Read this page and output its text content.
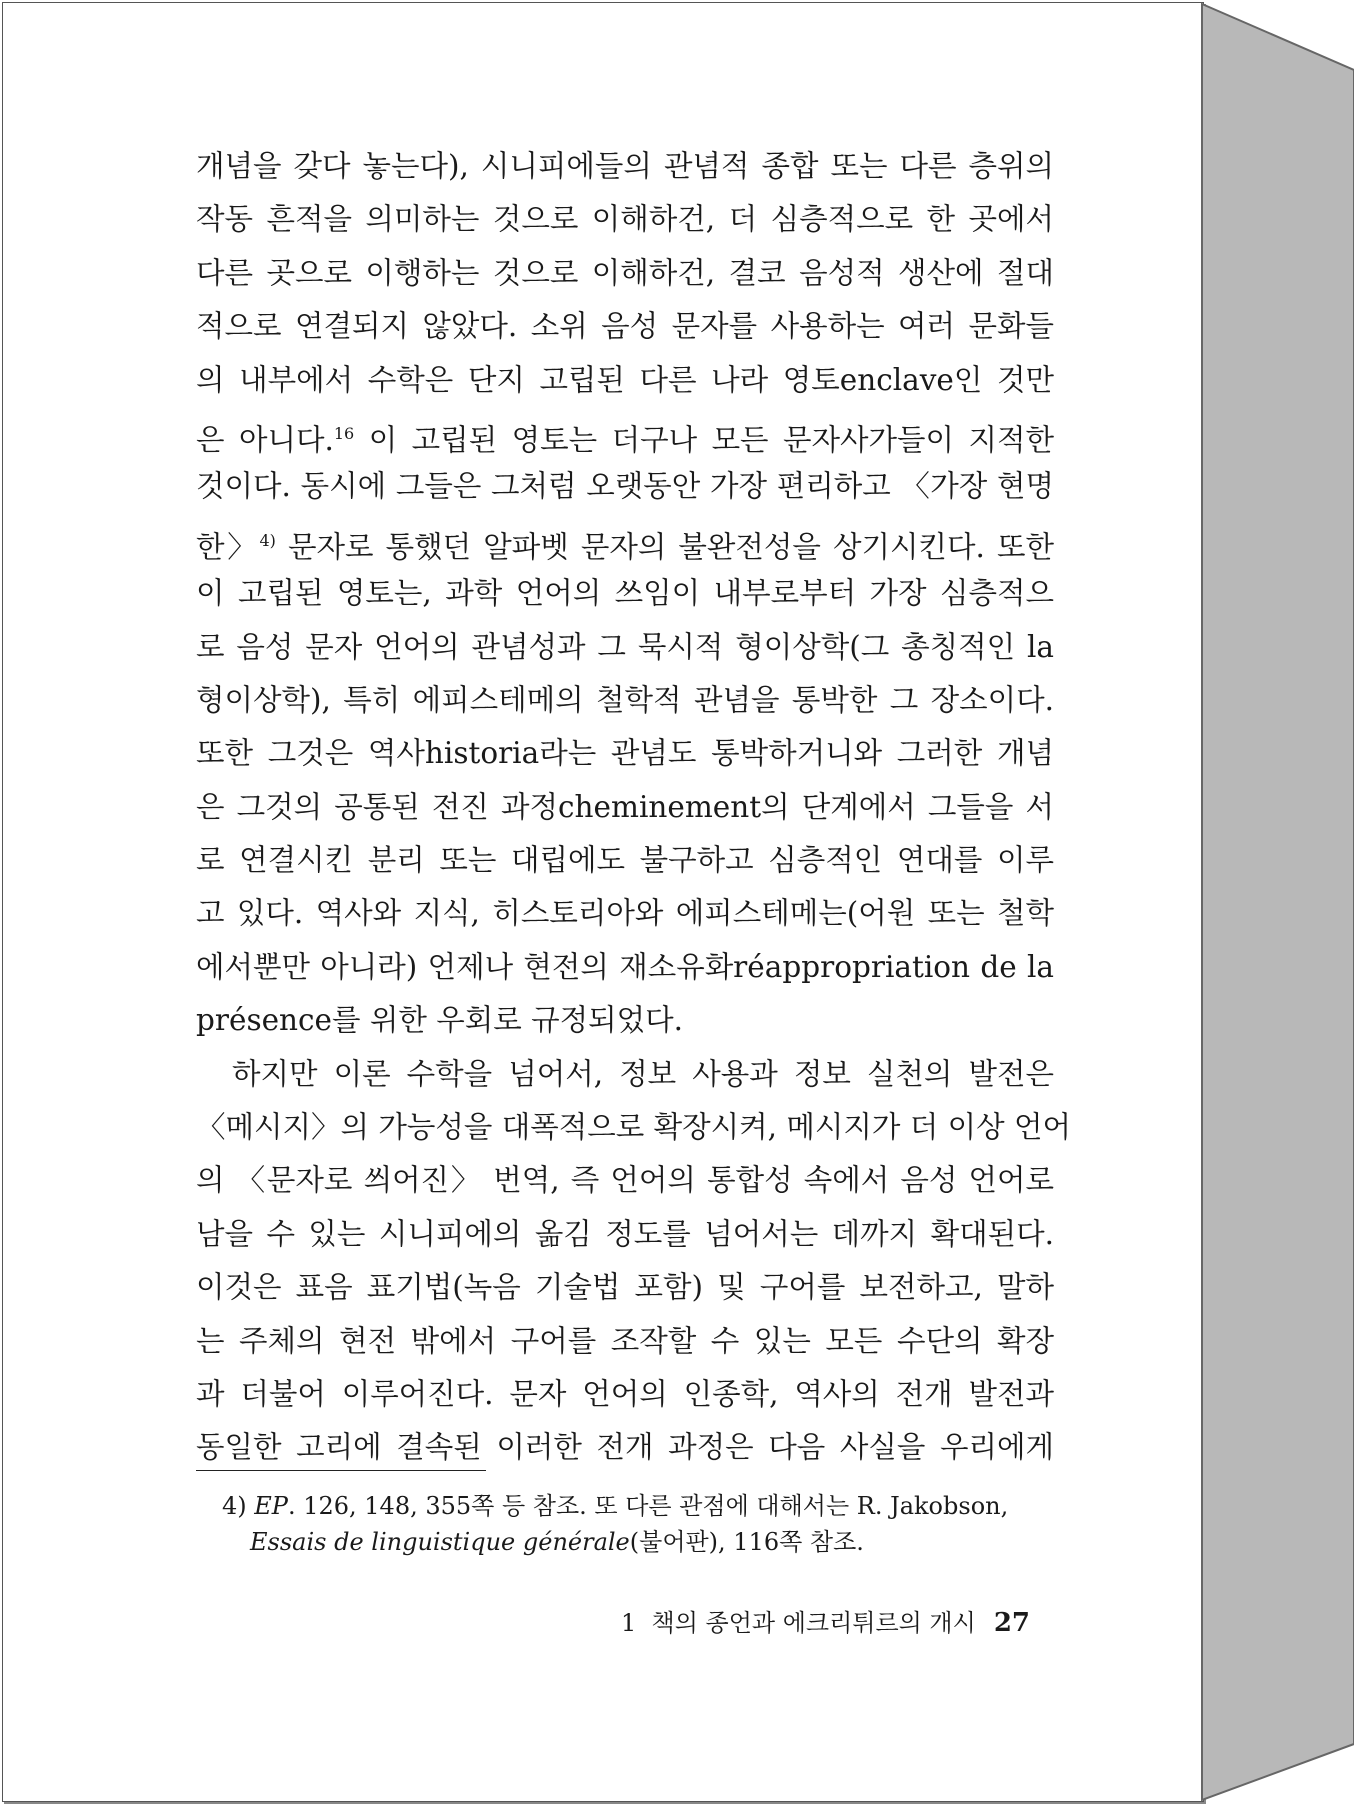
개념을 갖다 놓는다), 시니피에들의 관념적 종합 또는 다른 층위의
작동 흔적을 의미하는 것으로 이해하건, 더 심층적으로 한 곳에서
다른 곳으로 이행하는 것으로 이해하건, 결코 음성적 생산에 절대
적으로 연결되지 않았다. 소위 음성 문자를 사용하는 여러 문화들
의 내부에서 수학은 단지 고립된 다른 나라 영토enclave인 것만
은 아니다.$^{16}$ 이 고립된 영토는 더구나 모든 문자사가들이 지적한
것이다. 동시에 그들은 그처럼 오랫동안 가장 편리하고 〈가장 현명
한〉$^{4)}$ 문자로 통했던 알파벳 문자의 불완전성을 상기시킨다. 또한
이 고립된 영토는, 과학 언어의 쓰임이 내부로부터 가장 심층적으
로 음성 문자 언어의 관념성과 그 묵시적 형이상학(그 총칭적인 la
형이상학), 특히 에피스테메의 철학적 관념을 통박한 그 장소이다.
또한 그것은 역사historia라는 관념도 통박하거니와 그러한 개념
은 그것의 공통된 전진 과정cheminement의 단계에서 그들을 서
로 연결시킨 분리 또는 대립에도 불구하고 심층적인 연대를 이루
고 있다. 역사와 지식, 히스토리아와 에피스테메는(어원 또는 철학
에서뿐만 아니라) 언제나 현전의 재소유화réappropriation de la
présence를 위한 우회로 규정되었다.
하지만 이론 수학을 넘어서, 정보 사용과 정보 실천의 발전은
〈메시지〉의 가능성을 대폭적으로 확장시켜, 메시지가 더 이상 언어
의 〈문자로 씌어진〉 번역, 즉 언어의 통합성 속에서 음성 언어로
남을 수 있는 시니피에의 옮김 정도를 넘어서는 데까지 확대된다.
이것은 표음 표기법(녹음 기술법 포함) 및 구어를 보전하고, 말하
는 주체의 현전 밖에서 구어를 조작할 수 있는 모든 수단의 확장
과 더불어 이루어진다. 문자 언어의 인종학, 역사의 전개 발전과
동일한 고리에 결속된 이러한 전개 과정은 다음 사실을 우리에게
4) EP. 126, 148, 355쪽 등 참조. 또 다른 관점에 대해서는 R. Jakobson,
Essais de linguistique générale(불어판), 116쪽 참조.
1  책의 종언과 에크리튀르의 개시 27
